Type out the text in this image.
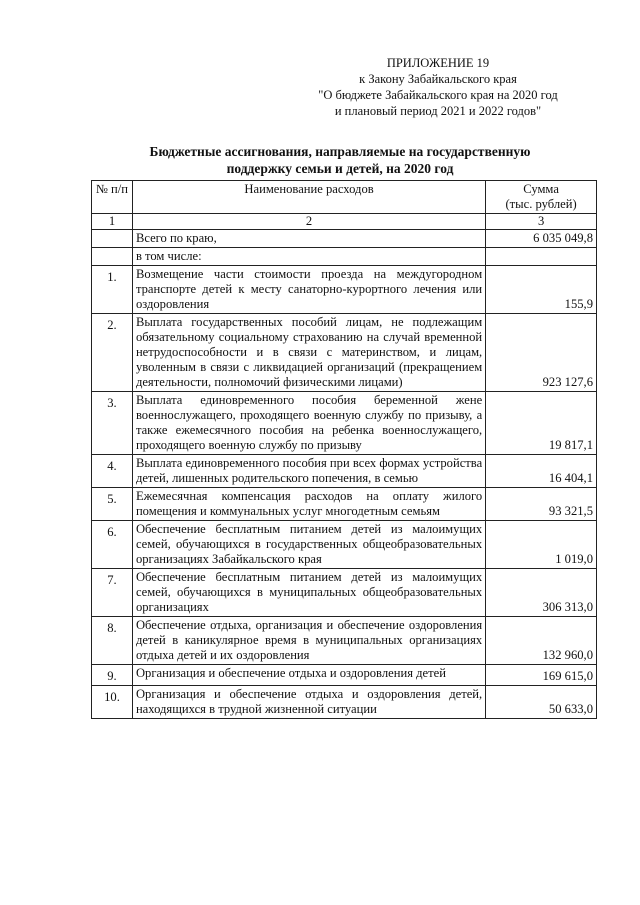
ПРИЛОЖЕНИЕ 19
к Закону Забайкальского края
"О бюджете Забайкальского края на 2020 год
и плановый период 2021 и 2022 годов"
Бюджетные ассигнования, направляемые на государственную
поддержку семьи и детей, на 2020 год
№ п/п	Наименование расходов	Сумма
(тыс. рублей)

1	2	3
	Всего по краю,	6 035 049,8
	в том числе:	
1.	Возмещение части стоимости проезда на междугородном транспорте детей к месту санаторно-курортного лечения или оздоровления	155,9
2.	Выплата государственных пособий лицам, не подлежащим обязательному социальному страхованию на случай временной нетрудоспособности и в связи с материнством, и лицам, уволенным в связи с ликвидацией организаций (прекращением деятельности, полномочий физическими лицами)	923 127,6
3.	Выплата единовременного пособия беременной жене военнослужащего, проходящего военную службу по призыву, а также ежемесячного пособия на ребенка военнослужащего, проходящего военную службу по призыву	19 817,1
4.	Выплата единовременного пособия при всех формах устройства детей, лишенных родительского попечения, в семью	16 404,1
5.	Ежемесячная компенсация расходов на оплату жилого помещения и коммунальных услуг многодетным семьям	93 321,5
6.	Обеспечение бесплатным питанием детей из малоимущих семей, обучающихся в государственных общеобразовательных организациях Забайкальского края	1 019,0
7.	Обеспечение бесплатным питанием детей из малоимущих семей, обучающихся в муниципальных общеобразовательных организациях	306 313,0
8.	Обеспечение отдыха, организация и обеспечение оздоровления детей в каникулярное время в муниципальных организациях отдыха детей и их оздоровления	132 960,0
9.	Организация и обеспечение отдыха и оздоровления детей	169 615,0
10.	Организация и обеспечение отдыха и оздоровления детей, находящихся в трудной жизненной ситуации	50 633,0
